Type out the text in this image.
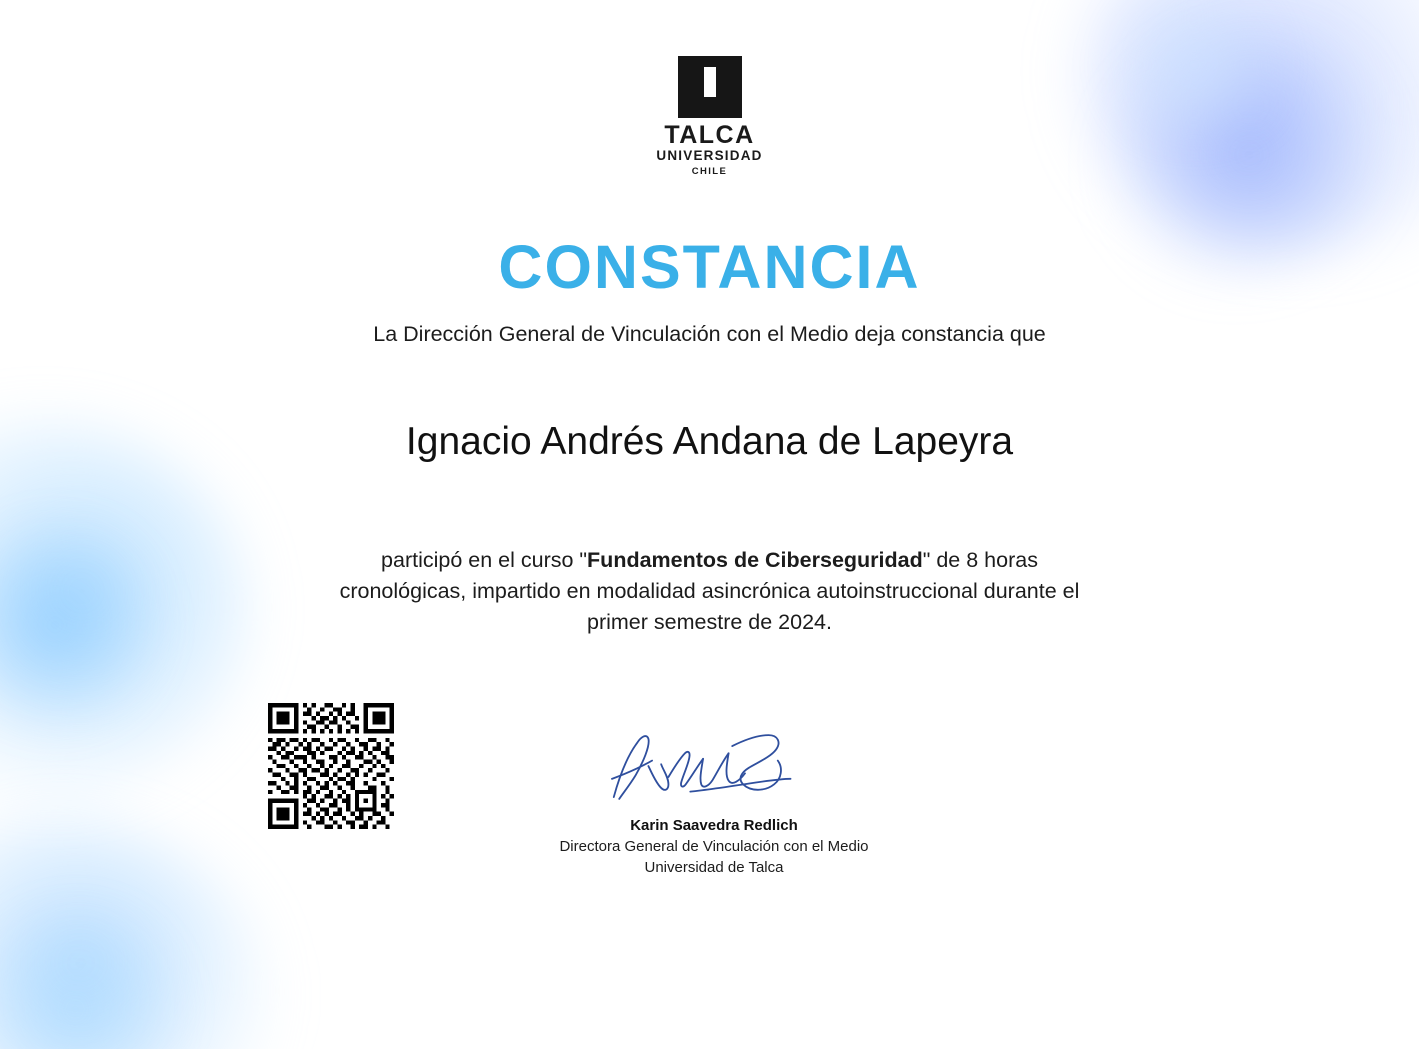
TALCA
UNIVERSIDAD
CHILE
CONSTANCIA
La Dirección General de Vinculación con el Medio deja constancia que
Ignacio Andrés Andana de Lapeyra
participó en el curso "Fundamentos de Ciberseguridad" de 8 horas cronológicas, impartido en modalidad asincrónica autoinstruccional durante el primer semestre de 2024.
Karin Saavedra Redlich
Directora General de Vinculación con el Medio
Universidad de Talca
